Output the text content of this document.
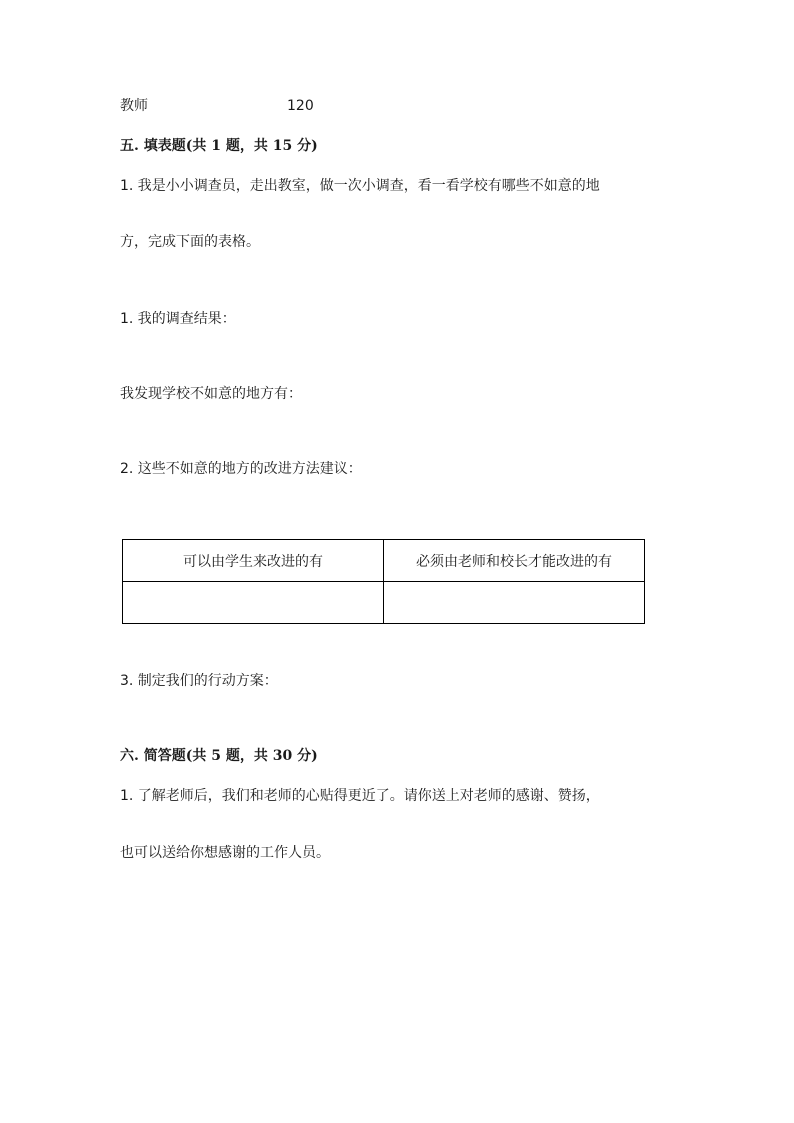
教师	120
五. 填表题(共 1 题，共 15 分)
1. 我是小小调查员，走出教室，做一次小调查，看一看学校有哪些不如意的地
方，完成下面的表格。
1. 我的调查结果：
我发现学校不如意的地方有：
2. 这些不如意的地方的改进方法建议：
可以由学生来改进的有	必须由老师和校长才能改进的有

3. 制定我们的行动方案：
六. 简答题(共 5 题，共 30 分)
1. 了解老师后，我们和老师的心贴得更近了。请你送上对老师的感谢、赞扬，
也可以送给你想感谢的工作人员。
